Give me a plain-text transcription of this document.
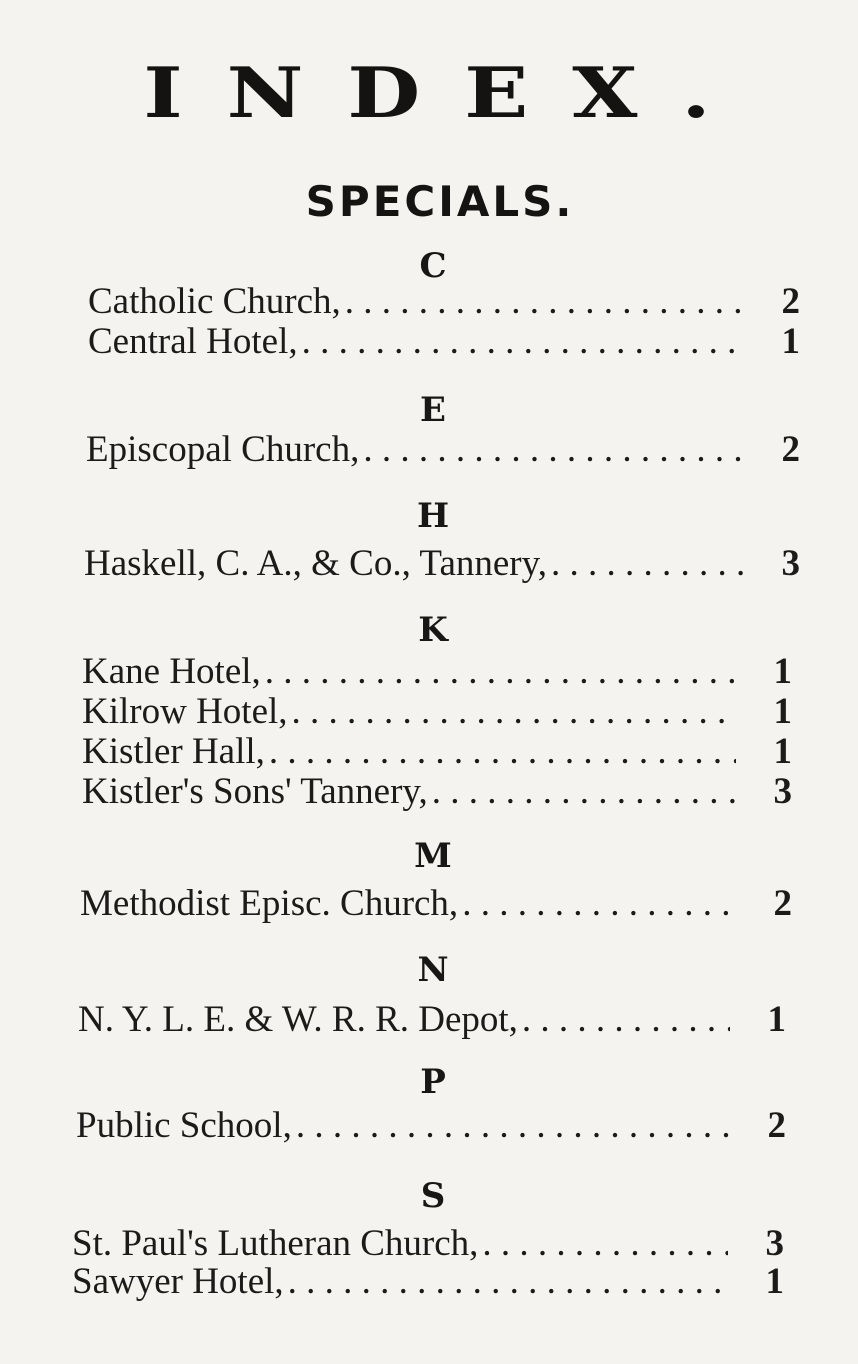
INDEX.
SPECIALS.
C
Catholic Church, . . .	2
Central Hotel, . . .	1
E
Episcopal Church, . . .	2
H
Haskell, C. A., & Co., Tannery, . . .	3
K
Kane Hotel, . . .	1
Kilrow Hotel, . . .	1
Kistler Hall, . . .	1
Kistler's Sons' Tannery, . . .	3
M
Methodist Episc. Church, . . .	2
N
N. Y. L. E. & W. R. R. Depot, . . .	1
P
Public School, . . .	2
S
St. Paul's Lutheran Church, . . .	3
Sawyer Hotel, . . .	1
